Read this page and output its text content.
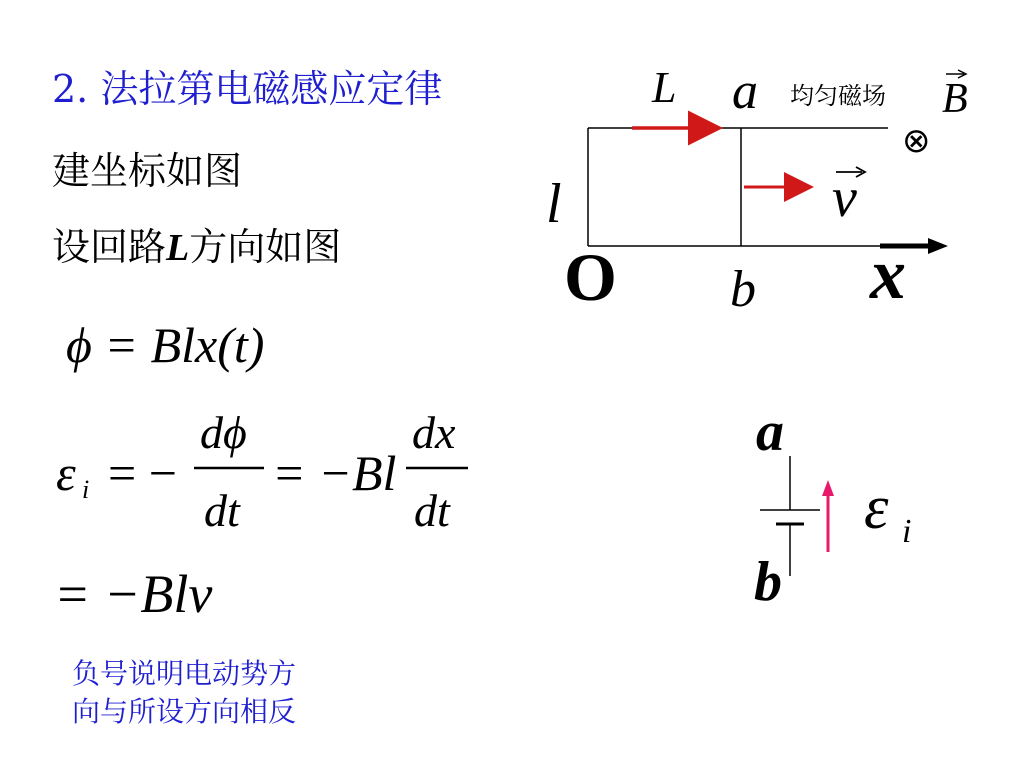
2. 法拉第电磁感应定律
建坐标如图
设回路L方向如图
ϕ = Blx(t)
ε i = −
dϕ
dt
= −Bl
dx
dt
= −Blv
负号说明电动势方
向与所设方向相反
L a 均匀磁场 B
⊗
l	v
O b x
a
b
ε i
